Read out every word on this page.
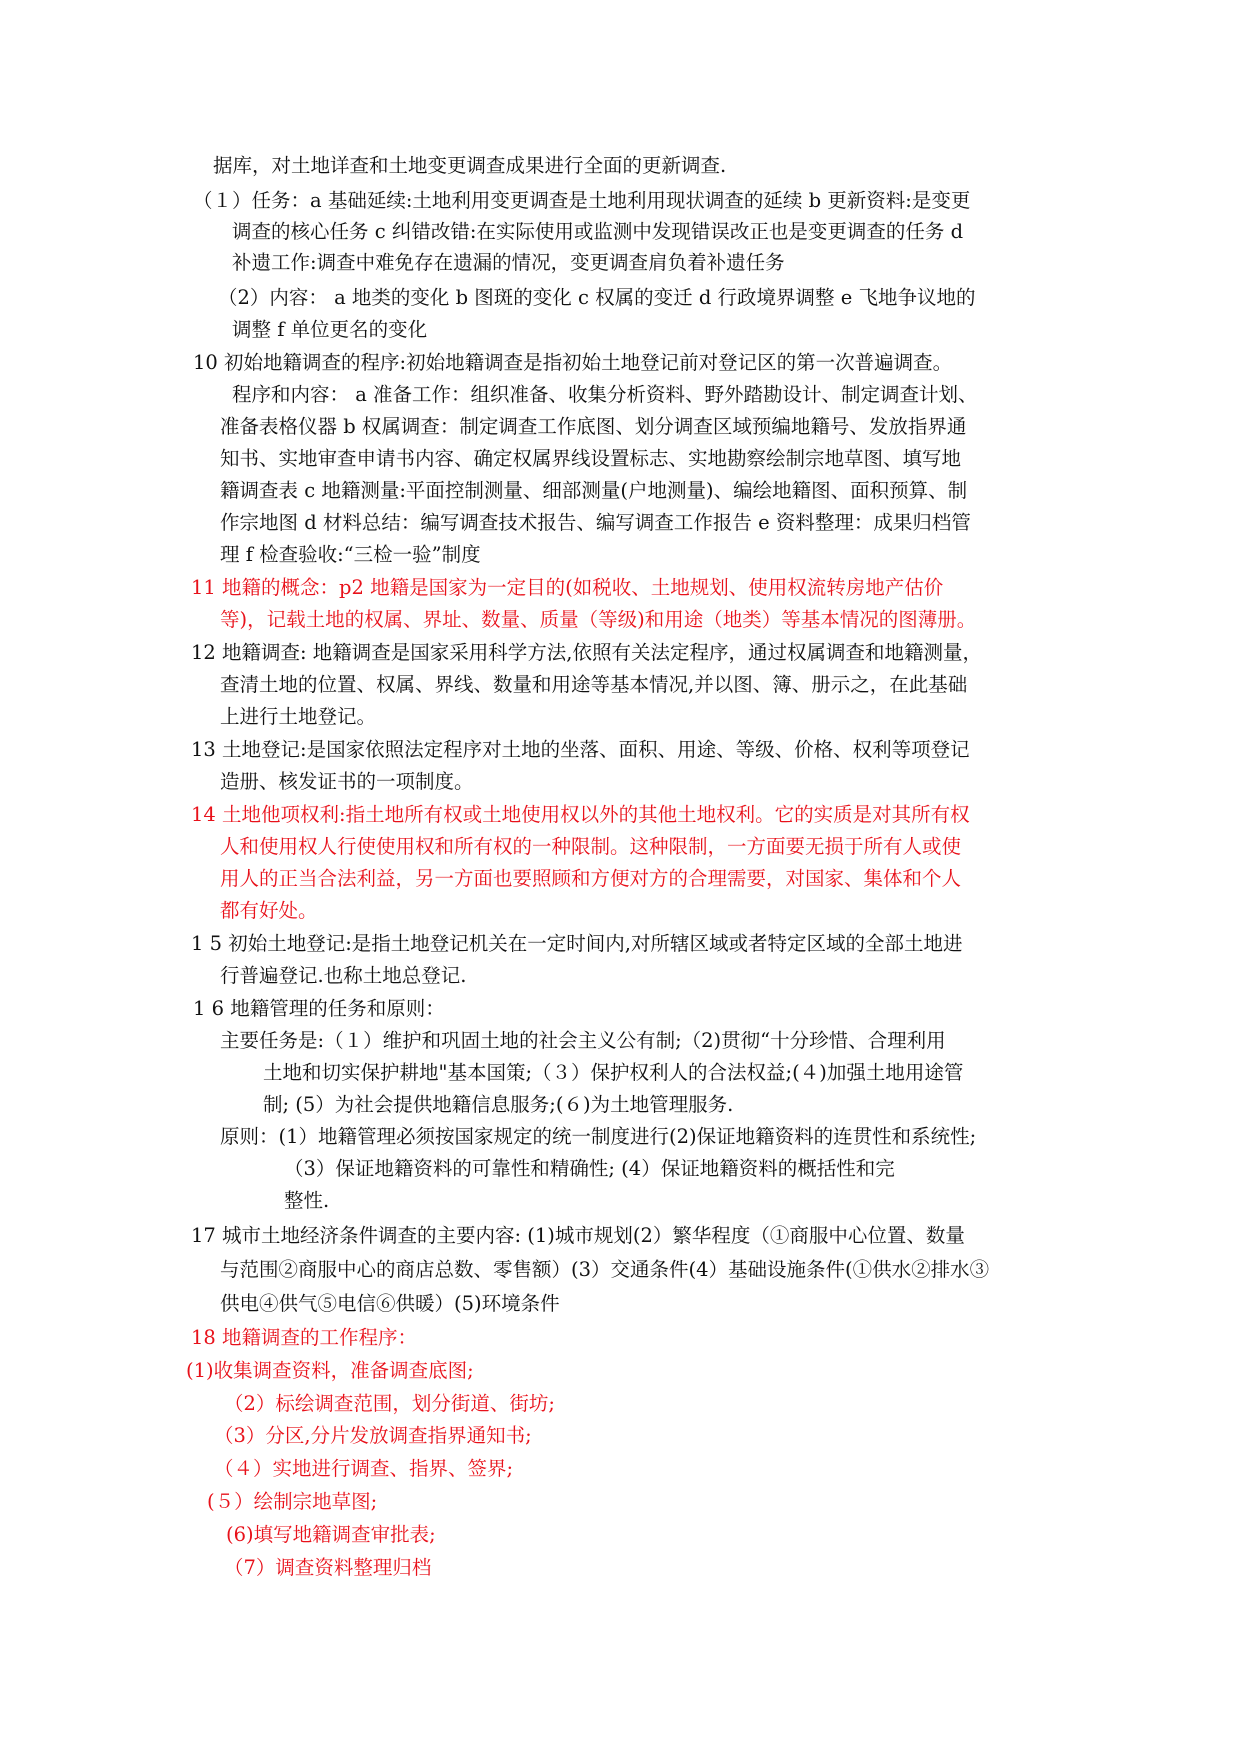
据库，对土地详查和土地变更调查成果进行全面的更新调查.
（１）任务：a 基础延续:土地利用变更调查是土地利用现状调查的延续 b 更新资料:是变更
调查的核心任务 c 纠错改错:在实际使用或监测中发现错误改正也是变更调查的任务 d
补遗工作:调查中难免存在遗漏的情况，变更调查肩负着补遗任务
（2）内容： a 地类的变化 b 图斑的变化 c 权属的变迁 d 行政境界调整 e 飞地争议地的
调整 f 单位更名的变化
10 初始地籍调查的程序:初始地籍调查是指初始土地登记前对登记区的第一次普遍调查。
程序和内容： a 准备工作：组织准备、收集分析资料、野外踏勘设计、制定调查计划、
准备表格仪器 b 权属调查：制定调查工作底图、划分调查区域预编地籍号、发放指界通
知书、实地审查申请书内容、确定权属界线设置标志、实地勘察绘制宗地草图、填写地
籍调查表 c 地籍测量:平面控制测量、细部测量(户地测量)、编绘地籍图、面积预算、制
作宗地图 d 材料总结：编写调查技术报告、编写调查工作报告 e 资料整理：成果归档管
理 f 检查验收:“三检一验”制度
11 地籍的概念：p2 地籍是国家为一定目的(如税收、土地规划、使用权流转房地产估价
等)，记载土地的权属、界址、数量、质量（等级)和用途（地类）等基本情况的图薄册。
12 地籍调查: 地籍调查是国家采用科学方法,依照有关法定程序，通过权属调查和地籍测量，
查清土地的位置、权属、界线、数量和用途等基本情况,并以图、簿、册示之，在此基础
上进行土地登记。
13 土地登记:是国家依照法定程序对土地的坐落、面积、用途、等级、价格、权利等项登记
造册、核发证书的一项制度。
14 土地他项权利:指土地所有权或土地使用权以外的其他土地权利。它的实质是对其所有权
人和使用权人行使使用权和所有权的一种限制。这种限制，一方面要无损于所有人或使
用人的正当合法利益，另一方面也要照顾和方便对方的合理需要，对国家、集体和个人
都有好处。
1 5 初始土地登记:是指土地登记机关在一定时间内,对所辖区域或者特定区域的全部土地进
行普遍登记.也称土地总登记.
1 6 地籍管理的任务和原则：
主要任务是:（１）维护和巩固土地的社会主义公有制;（2)贯彻“十分珍惜、合理利用
土地和切实保护耕地"基本国策;（３）保护权利人的合法权益;(４)加强土地用途管
制; (5）为社会提供地籍信息服务;(６)为土地管理服务.
原则：(1）地籍管理必须按国家规定的统一制度进行(2)保证地籍资料的连贯性和系统性;
（3）保证地籍资料的可靠性和精确性; (4）保证地籍资料的概括性和完
整性.
17 城市土地经济条件调查的主要内容: (1)城市规划(2）繁华程度（①商服中心位置、数量
与范围②商服中心的商店总数、零售额）(3）交通条件(4）基础设施条件(①供水②排水③
供电④供气⑤电信⑥供暖）(5)环境条件
18 地籍调查的工作程序：
(1)收集调查资料，准备调查底图;
（2）标绘调查范围，划分街道、街坊;
（3）分区,分片发放调查指界通知书;
（４）实地进行调查、指界、签界;
(５）绘制宗地草图;
(6)填写地籍调查审批表;
（7）调查资料整理归档
